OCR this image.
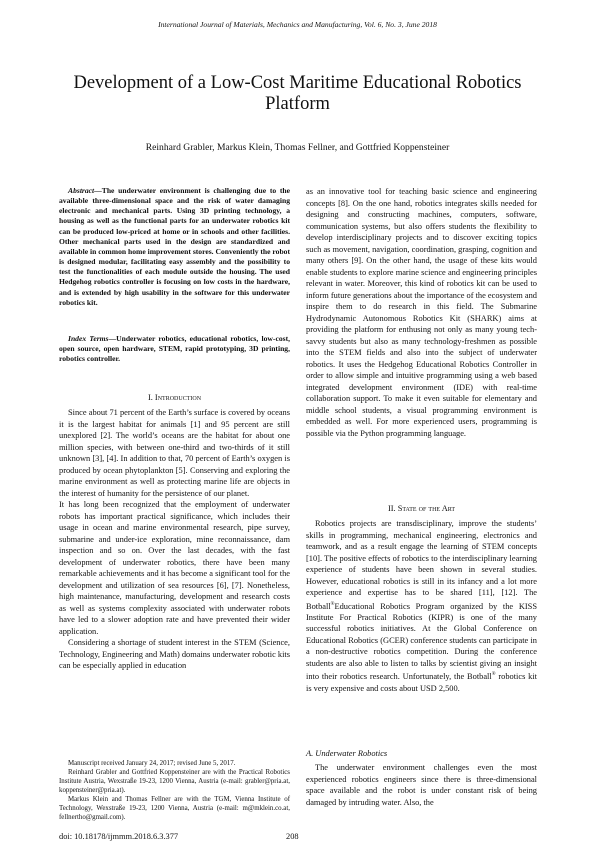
International Journal of Materials, Mechanics and Manufacturing, Vol. 6, No. 3, June 2018
Development of a Low-Cost Maritime Educational Robotics Platform
Reinhard Grabler, Markus Klein, Thomas Fellner, and Gottfried Koppensteiner
Abstract—The underwater environment is challenging due to the available three-dimensional space and the risk of water damaging electronic and mechanical parts. Using 3D printing technology, a housing as well as the functional parts for an underwater robotics kit can be produced low-priced at home or in schools and other facilities. Other mechanical parts used in the design are standardized and available in common home improvement stores. Conveniently the robot is designed modular, facilitating easy assembly and the possibility to test the functionalities of each module outside the housing. The used Hedgehog robotics controller is focusing on low costs in the hardware, and is extended by high usability in the software for this underwater robotics kit.
Index Terms—Underwater robotics, educational robotics, low-cost, open source, open hardware, STEM, rapid prototyping, 3D printing, robotics controller.
I. Introduction

Since about 71 percent of the Earth’s surface is covered by oceans it is the largest habitat for animals [1] and 95 percent are still unexplored [2]. The world’s oceans are the habitat for about one million species, with between one-third and two-thirds of it still unknown [3], [4]. In addition to that, 70 percent of Earth’s oxygen is produced by ocean phytoplankton [5]. Conserving and exploring the marine environment as well as protecting marine life are objects in the interest of humanity for the persistence of our planet.

It has long been recognized that the employment of underwater robots has important practical significance, which includes their usage in ocean and marine environmental research, pipe survey, submarine and under-ice exploration, mine reconnaissance, dam inspection and so on. Over the last decades, with the fast development of underwater robotics, there have been many remarkable achievements and it has become a significant tool for the development and utilization of sea resources [6], [7]. Nonetheless, high maintenance, manufacturing, development and research costs as well as systems complexity associated with underwater robots have led to a slower adoption rate and have prevented their wider application.

Considering a shortage of student interest in the STEM (Science, Technology, Engineering and Math) domains underwater robotic kits can be especially applied in education

Manuscript received January 24, 2017; revised June 5, 2017.

Reinhard Grabler and Gottfried Koppensteiner are with the Practical Robotics Institute Austria, Wexstraße 19-23, 1200 Vienna, Austria (e-mail: grabler@pria.at, koppensteiner@pria.at).

Markus Klein and Thomas Fellner are with the TGM, Vienna Institute of Technology, Wexstraße 19-23, 1200 Vienna, Austria (e-mail: m@mklein.co.at, fellnertho@gmail.com).

as an innovative tool for teaching basic science and engineering concepts [8]. On the one hand, robotics integrates skills needed for designing and constructing machines, computers, software, communication systems, but also offers students the flexibility to develop interdisciplinary projects and to discover exciting topics such as movement, navigation, coordination, grasping, cognition and many others [9]. On the other hand, the usage of these kits would enable students to explore marine science and engineering principles relevant in water. Moreover, this kind of robotics kit can be used to inform future generations about the importance of the ecosystem and inspire them to do research in this field. The Submarine Hydrodynamic Autonomous Robotics Kit (SHARK) aims at providing the platform for enthusing not only as many young tech-savvy students but also as many technology-freshmen as possible into the STEM fields and also into the subject of underwater robotics. It uses the Hedgehog Educational Robotics Controller in order to allow simple and intuitive programming using a web based integrated development environment (IDE) with real-time collaboration support. To make it even suitable for elementary and middle school students, a visual programming environment is embedded as well. For more experienced users, programming is possible via the Python programming language.

II. State of the Art

Robotics projects are transdisciplinary, improve the students’ skills in programming, mechanical engineering, electronics and teamwork, and as a result engage the learning of STEM concepts [10]. The positive effects of robotics to the interdisciplinary learning experience of students have been shown in several studies. However, educational robotics is still in its infancy and a lot more experience and expertise has to be shared [11], [12]. The Botball®Educational Robotics Program organized by the KISS Institute For Practical Robotics (KIPR) is one of the many successful robotics initiatives. At the Global Conference on Educational Robotics (GCER) conference students can participate in a non-destructive robotics competition. During the conference students are also able to listen to talks by scientist giving an insight into their robotics research. Unfortunately, the Botball® robotics kit is very expensive and costs about USD 2,500.

A. Underwater Robotics

The underwater environment challenges even the most experienced robotics engineers since there is three-dimensional space available and the robot is under constant risk of being damaged by intruding water. Also, the

doi: 10.18178/ijmmm.2018.6.3.377	208
